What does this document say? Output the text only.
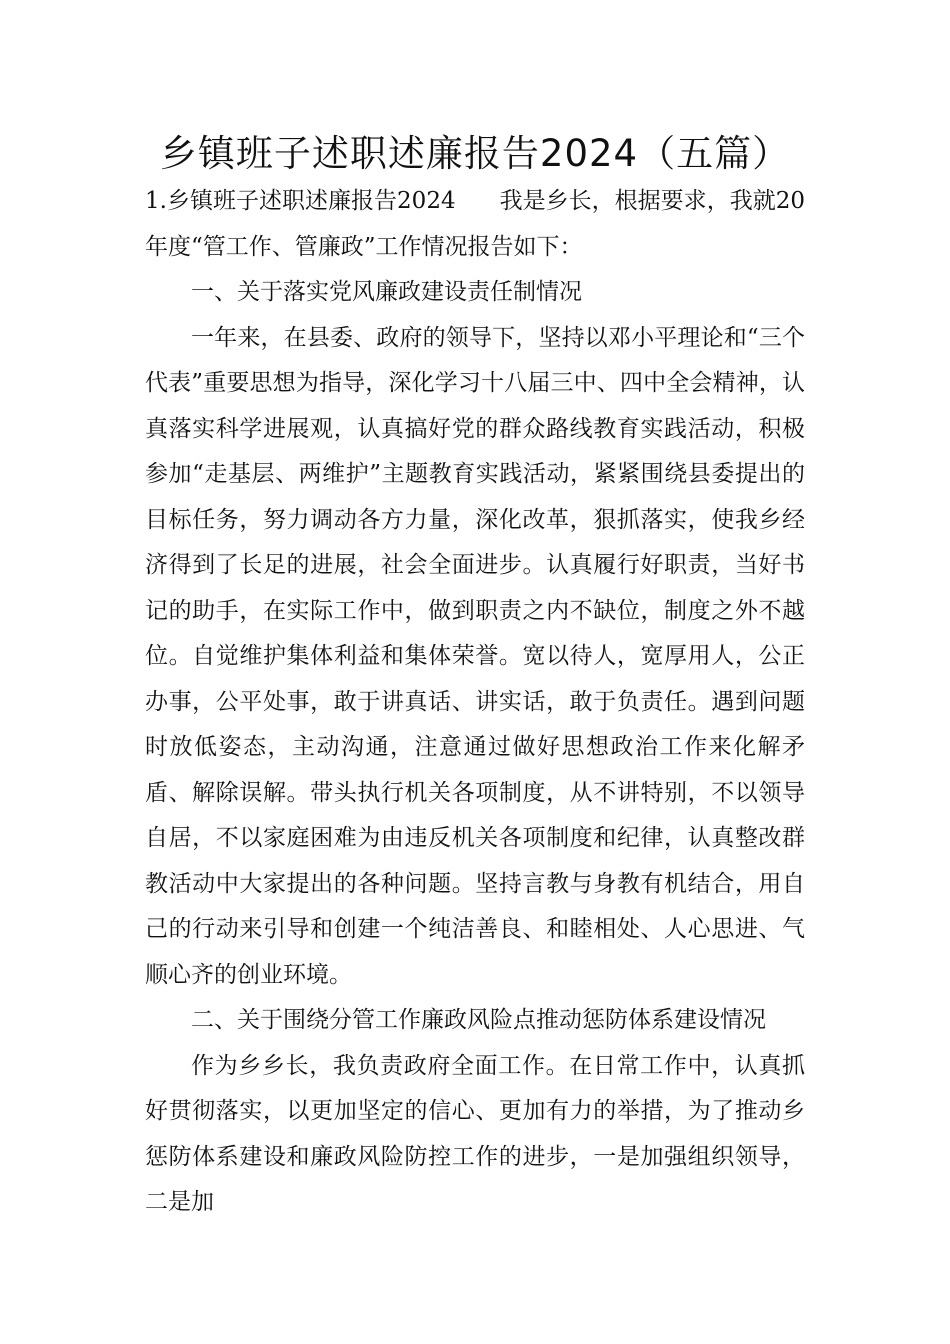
乡镇班子述职述廉报告2024（五篇）

1.乡镇班子述职述廉报告2024 我是乡长，根据要求，我就20年度“管工作、管廉政”工作情况报告如下：

一、关于落实党风廉政建设责任制情况

一年来，在县委、政府的领导下，坚持以邓小平理论和“三个代表”重要思想为指导，深化学习十八届三中、四中全会精神，认真落实科学进展观，认真搞好党的群众路线教育实践活动，积极参加“走基层、两维护”主题教育实践活动，紧紧围绕县委提出的目标任务，努力调动各方力量，深化改革，狠抓落实，使我乡经济得到了长足的进展，社会全面进步。认真履行好职责，当好书记的助手，在实际工作中，做到职责之内不缺位，制度之外不越位。自觉维护集体利益和集体荣誉。宽以待人，宽厚用人，公正办事，公平处事，敢于讲真话、讲实话，敢于负责任。遇到问题时放低姿态，主动沟通，注意通过做好思想政治工作来化解矛盾、解除误解。带头执行机关各项制度，从不讲特别，不以领导自居，不以家庭困难为由违反机关各项制度和纪律，认真整改群教活动中大家提出的各种问题。坚持言教与身教有机结合，用自己的行动来引导和创建一个纯洁善良、和睦相处、人心思进、气顺心齐的创业环境。

二、关于围绕分管工作廉政风险点推动惩防体系建设情况

作为乡乡长，我负责政府全面工作。在日常工作中，认真抓好贯彻落实，以更加坚定的信心、更加有力的举措，为了推动乡惩防体系建设和廉政风险防控工作的进步，一是加强组织领导，二是加
